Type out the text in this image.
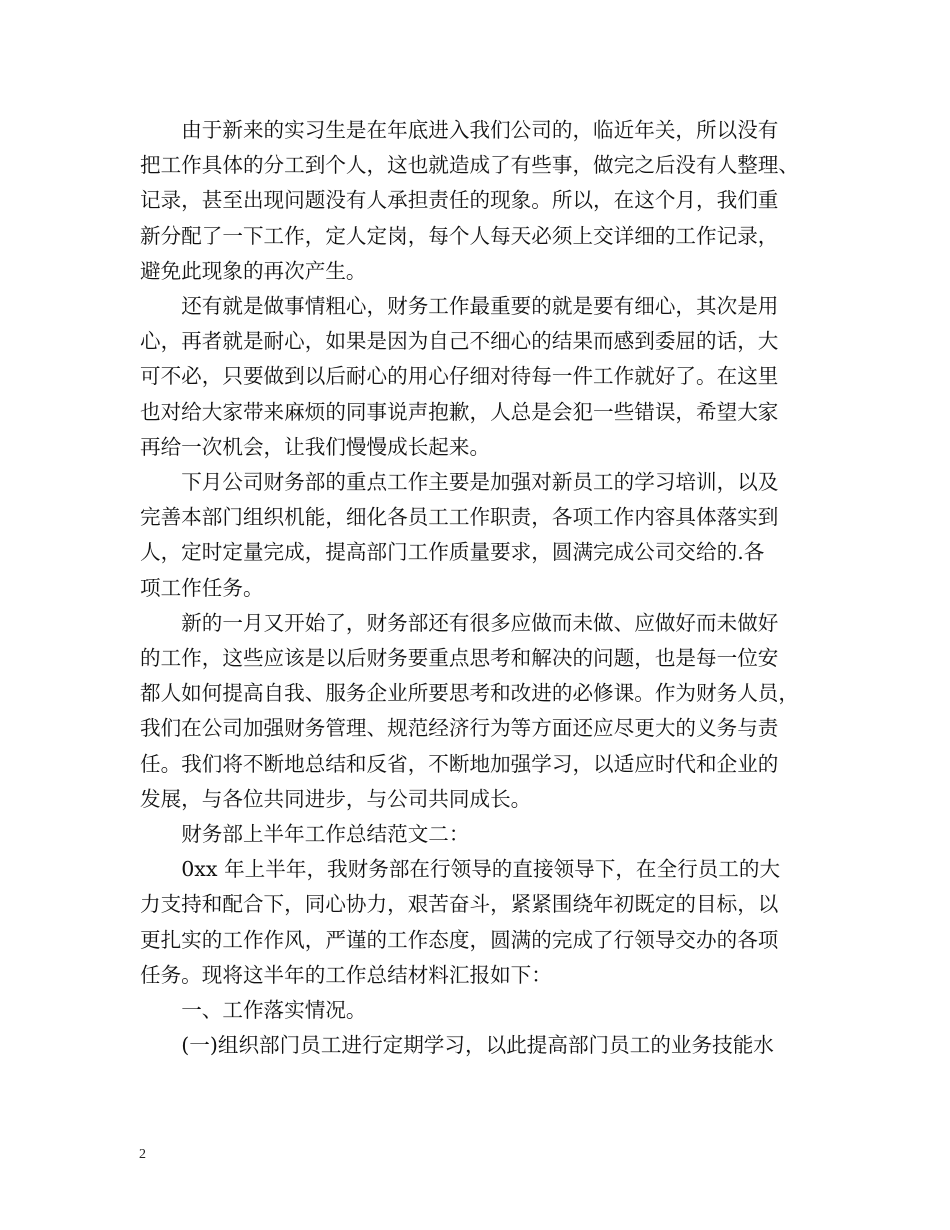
由于新来的实习生是在年底进入我们公司的，临近年关，所以没有
把工作具体的分工到个人，这也就造成了有些事，做完之后没有人整理、
记录，甚至出现问题没有人承担责任的现象。所以，在这个月，我们重
新分配了一下工作，定人定岗，每个人每天必须上交详细的工作记录，
避免此现象的再次产生。

还有就是做事情粗心，财务工作最重要的就是要有细心，其次是用
心，再者就是耐心，如果是因为自己不细心的结果而感到委屈的话，大
可不必，只要做到以后耐心的用心仔细对待每一件工作就好了。在这里
也对给大家带来麻烦的同事说声抱歉，人总是会犯一些错误，希望大家
再给一次机会，让我们慢慢成长起来。

下月公司财务部的重点工作主要是加强对新员工的学习培训，以及
完善本部门组织机能，细化各员工工作职责，各项工作内容具体落实到
人，定时定量完成，提高部门工作质量要求，圆满完成公司交给的.各
项工作任务。

新的一月又开始了，财务部还有很多应做而未做、应做好而未做好
的工作，这些应该是以后财务要重点思考和解决的问题，也是每一位安
都人如何提高自我、服务企业所要思考和改进的必修课。作为财务人员，
我们在公司加强财务管理、规范经济行为等方面还应尽更大的义务与责
任。我们将不断地总结和反省，不断地加强学习，以适应时代和企业的
发展，与各位共同进步，与公司共同成长。

财务部上半年工作总结范文二：

0xx 年上半年，我财务部在行领导的直接领导下，在全行员工的大
力支持和配合下，同心协力，艰苦奋斗，紧紧围绕年初既定的目标，以
更扎实的工作作风，严谨的工作态度，圆满的完成了行领导交办的各项
任务。现将这半年的工作总结材料汇报如下：

一、工作落实情况。

(一)组织部门员工进行定期学习，以此提高部门员工的业务技能水

2
